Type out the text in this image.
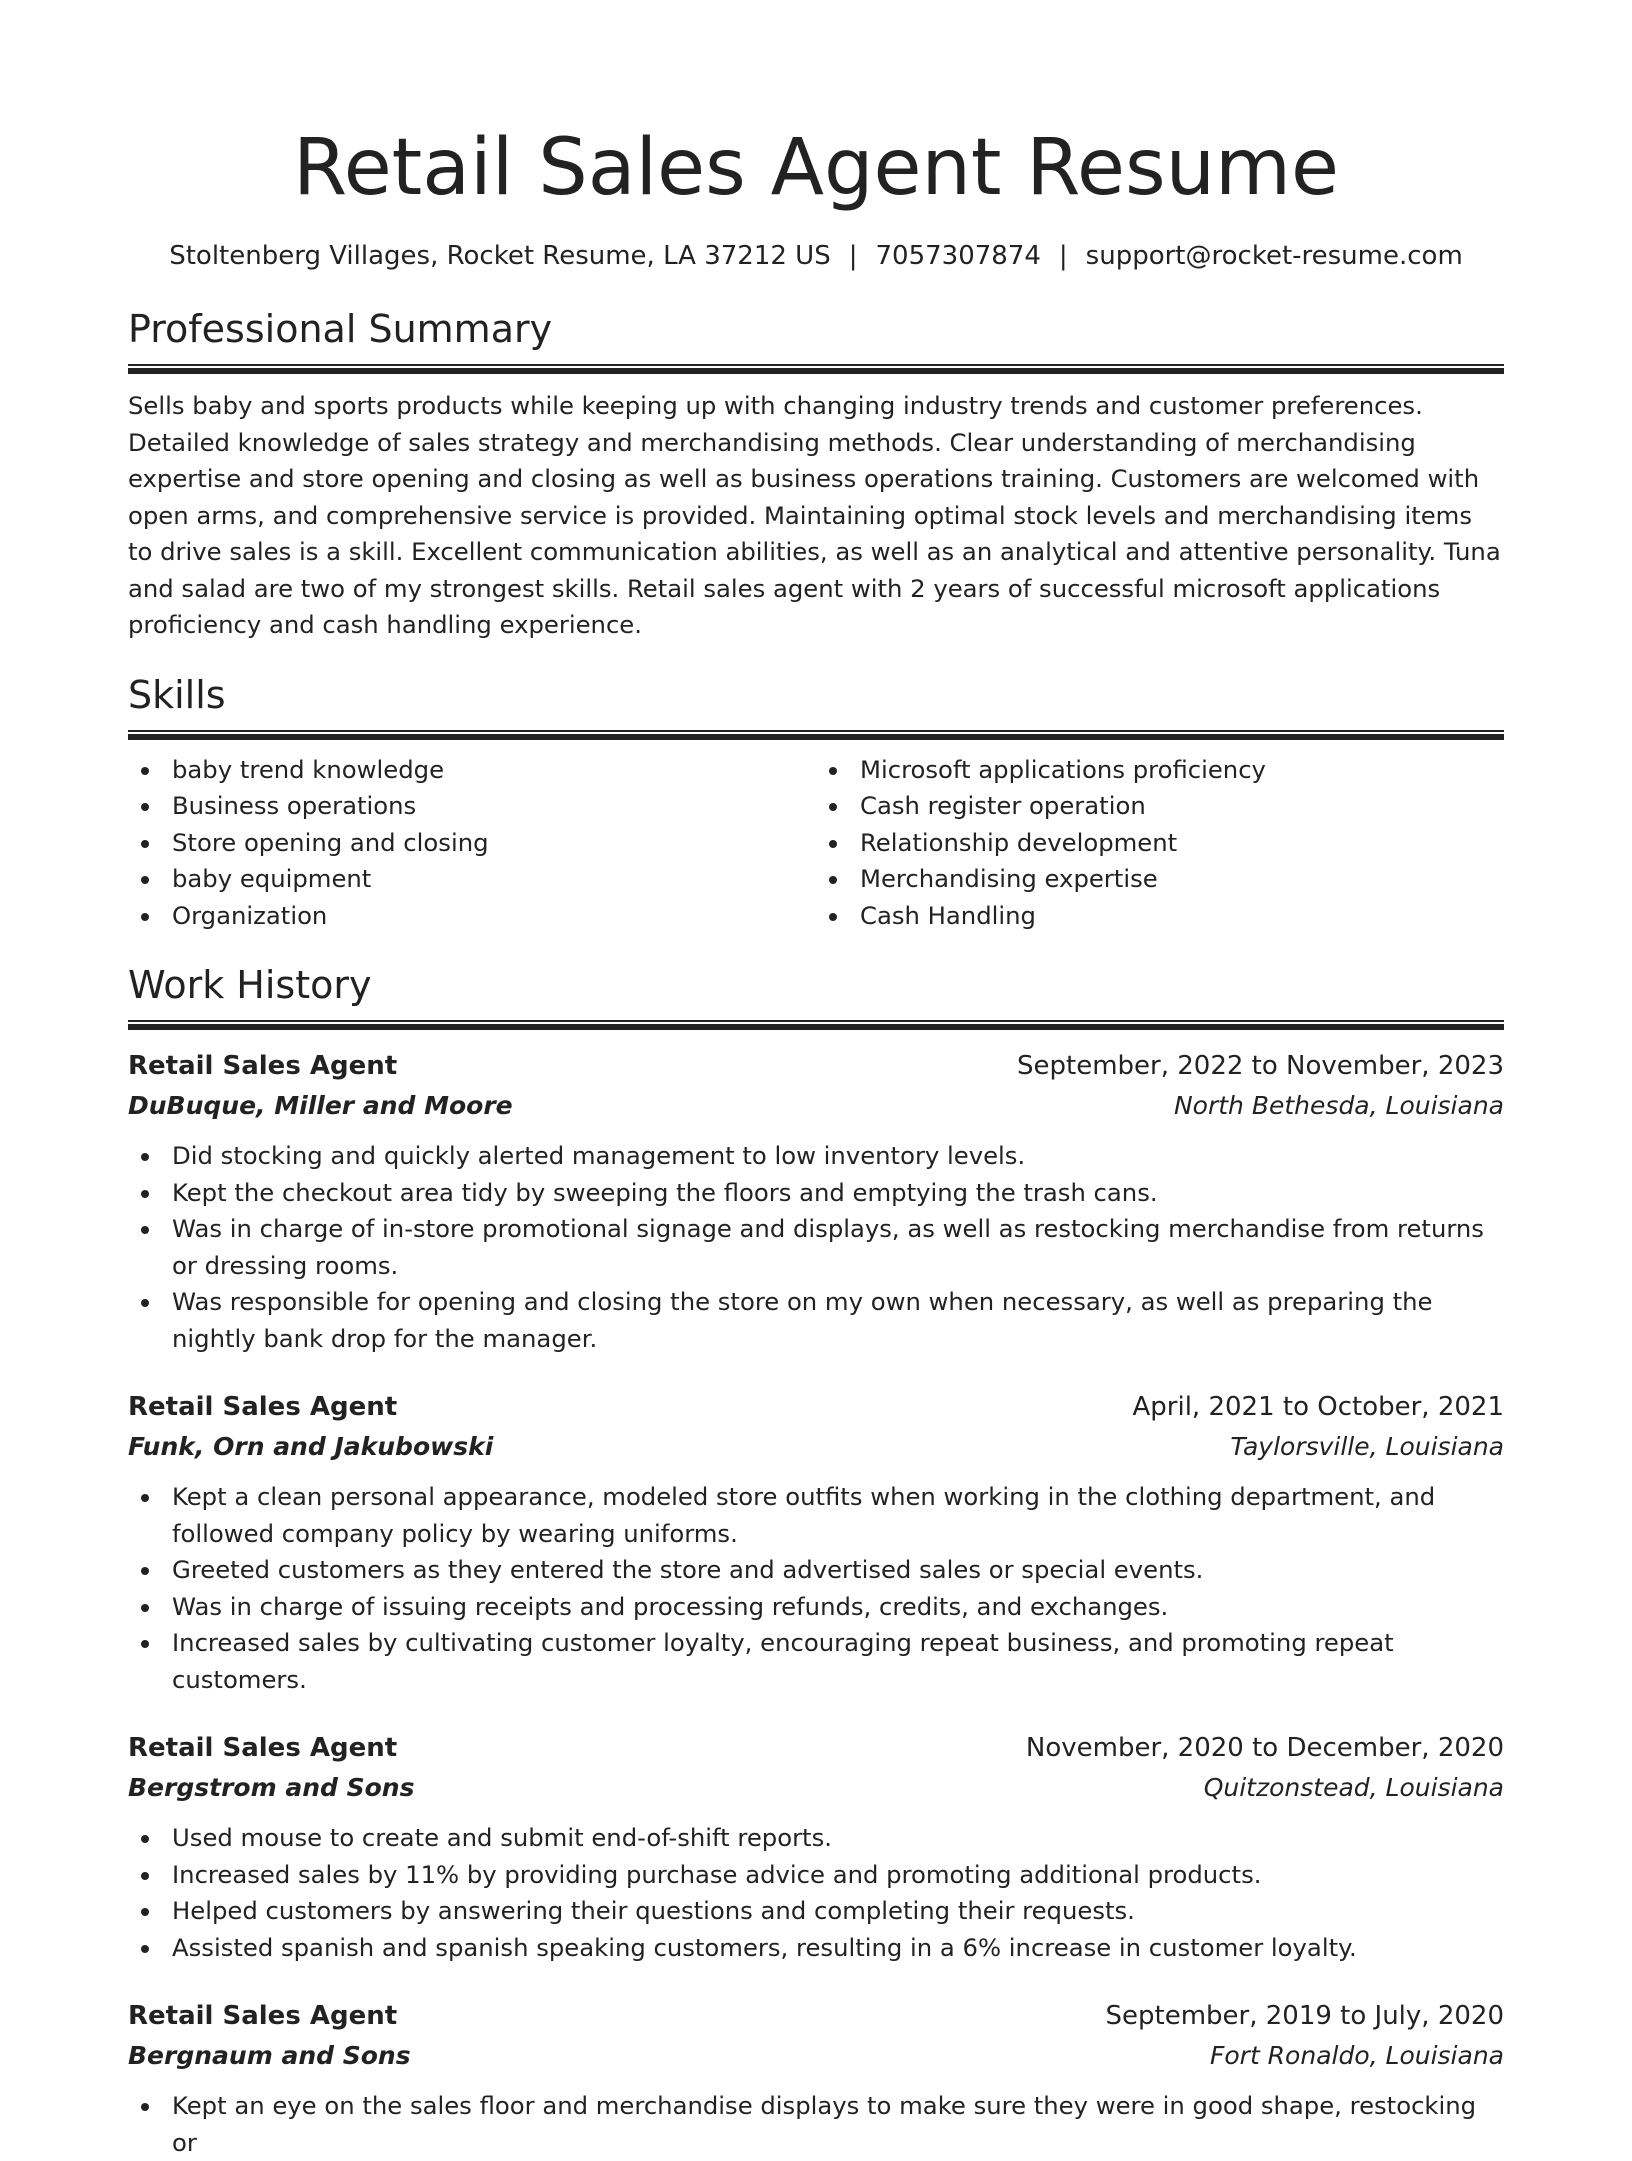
Retail Sales Agent Resume
Stoltenberg Villages, Rocket Resume, LA 37212 US | 7057307874 | support@rocket-resume.com
Professional Summary

Sells baby and sports products while keeping up with changing industry trends and customer preferences. Detailed knowledge of sales strategy and merchandising methods. Clear understanding of merchandising expertise and store opening and closing as well as business operations training. Customers are welcomed with open arms, and comprehensive service is provided. Maintaining optimal stock levels and merchandising items to drive sales is a skill. Excellent communication abilities, as well as an analytical and attentive personality. Tuna and salad are two of my strongest skills. Retail sales agent with 2 years of successful microsoft applications proficiency and cash handling experience.

Skills
baby trend knowledge
Business operations
Store opening and closing
baby equipment
Organization
Microsoft applications proficiency
Cash register operation
Relationship development
Merchandising expertise
Cash Handling
Work History
Retail Sales Agent	September, 2022 to November, 2023
DuBuque, Miller and Moore	North Bethesda, Louisiana
Did stocking and quickly alerted management to low inventory levels.
Kept the checkout area tidy by sweeping the floors and emptying the trash cans.
Was in charge of in-store promotional signage and displays, as well as restocking merchandise from returns or dressing rooms.
Was responsible for opening and closing the store on my own when necessary, as well as preparing the nightly bank drop for the manager.
Retail Sales Agent	April, 2021 to October, 2021
Funk, Orn and Jakubowski	Taylorsville, Louisiana
Kept a clean personal appearance, modeled store outfits when working in the clothing department, and followed company policy by wearing uniforms.
Greeted customers as they entered the store and advertised sales or special events.
Was in charge of issuing receipts and processing refunds, credits, and exchanges.
Increased sales by cultivating customer loyalty, encouraging repeat business, and promoting repeat customers.
Retail Sales Agent	November, 2020 to December, 2020
Bergstrom and Sons	Quitzonstead, Louisiana
Used mouse to create and submit end-of-shift reports.
Increased sales by 11% by providing purchase advice and promoting additional products.
Helped customers by answering their questions and completing their requests.
Assisted spanish and spanish speaking customers, resulting in a 6% increase in customer loyalty.
Retail Sales Agent	September, 2019 to July, 2020
Bergnaum and Sons	Fort Ronaldo, Louisiana
Kept an eye on the sales floor and merchandise displays to make sure they were in good shape, restocking or
